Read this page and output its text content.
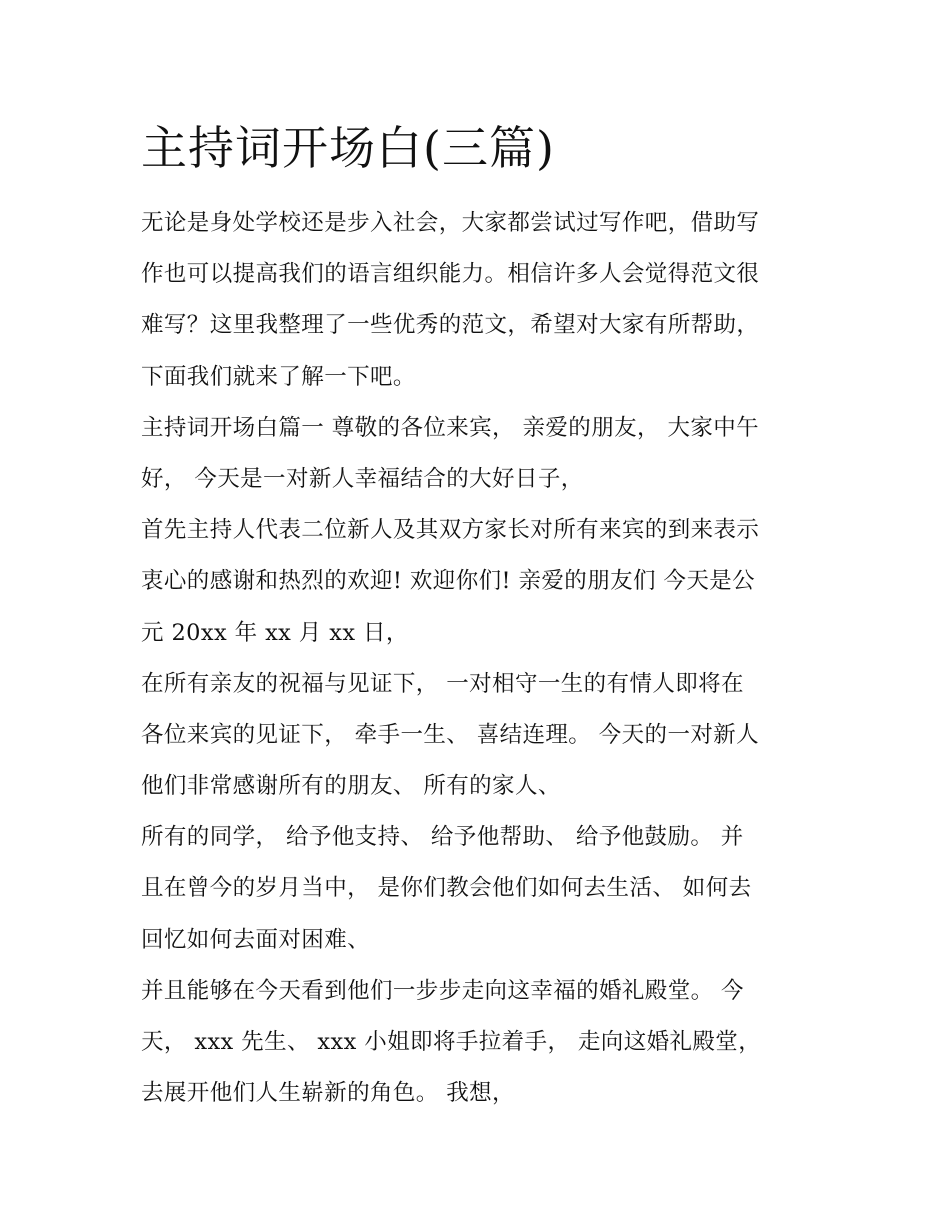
主持词开场白(三篇)
无论是身处学校还是步入社会，大家都尝试过写作吧，借助写
作也可以提高我们的语言组织能力。相信许多人会觉得范文很
难写？这里我整理了一些优秀的范文，希望对大家有所帮助，
下面我们就来了解一下吧。
主持词开场白篇一 尊敬的各位来宾， 亲爱的朋友， 大家中午
好， 今天是一对新人幸福结合的大好日子，
首先主持人代表二位新人及其双方家长对所有来宾的到来表示
衷心的感谢和热烈的欢迎! 欢迎你们! 亲爱的朋友们 今天是公
元 20xx 年 xx 月 xx 日，
在所有亲友的祝福与见证下， 一对相守一生的有情人即将在
各位来宾的见证下， 牵手一生、 喜结连理。 今天的一对新人
他们非常感谢所有的朋友、 所有的家人、
所有的同学， 给予他支持、 给予他帮助、 给予他鼓励。 并
且在曾今的岁月当中， 是你们教会他们如何去生活、 如何去
回忆如何去面对困难、
并且能够在今天看到他们一步步走向这幸福的婚礼殿堂。 今
天， xxx 先生、 xxx 小姐即将手拉着手， 走向这婚礼殿堂，
去展开他们人生崭新的角色。 我想，
